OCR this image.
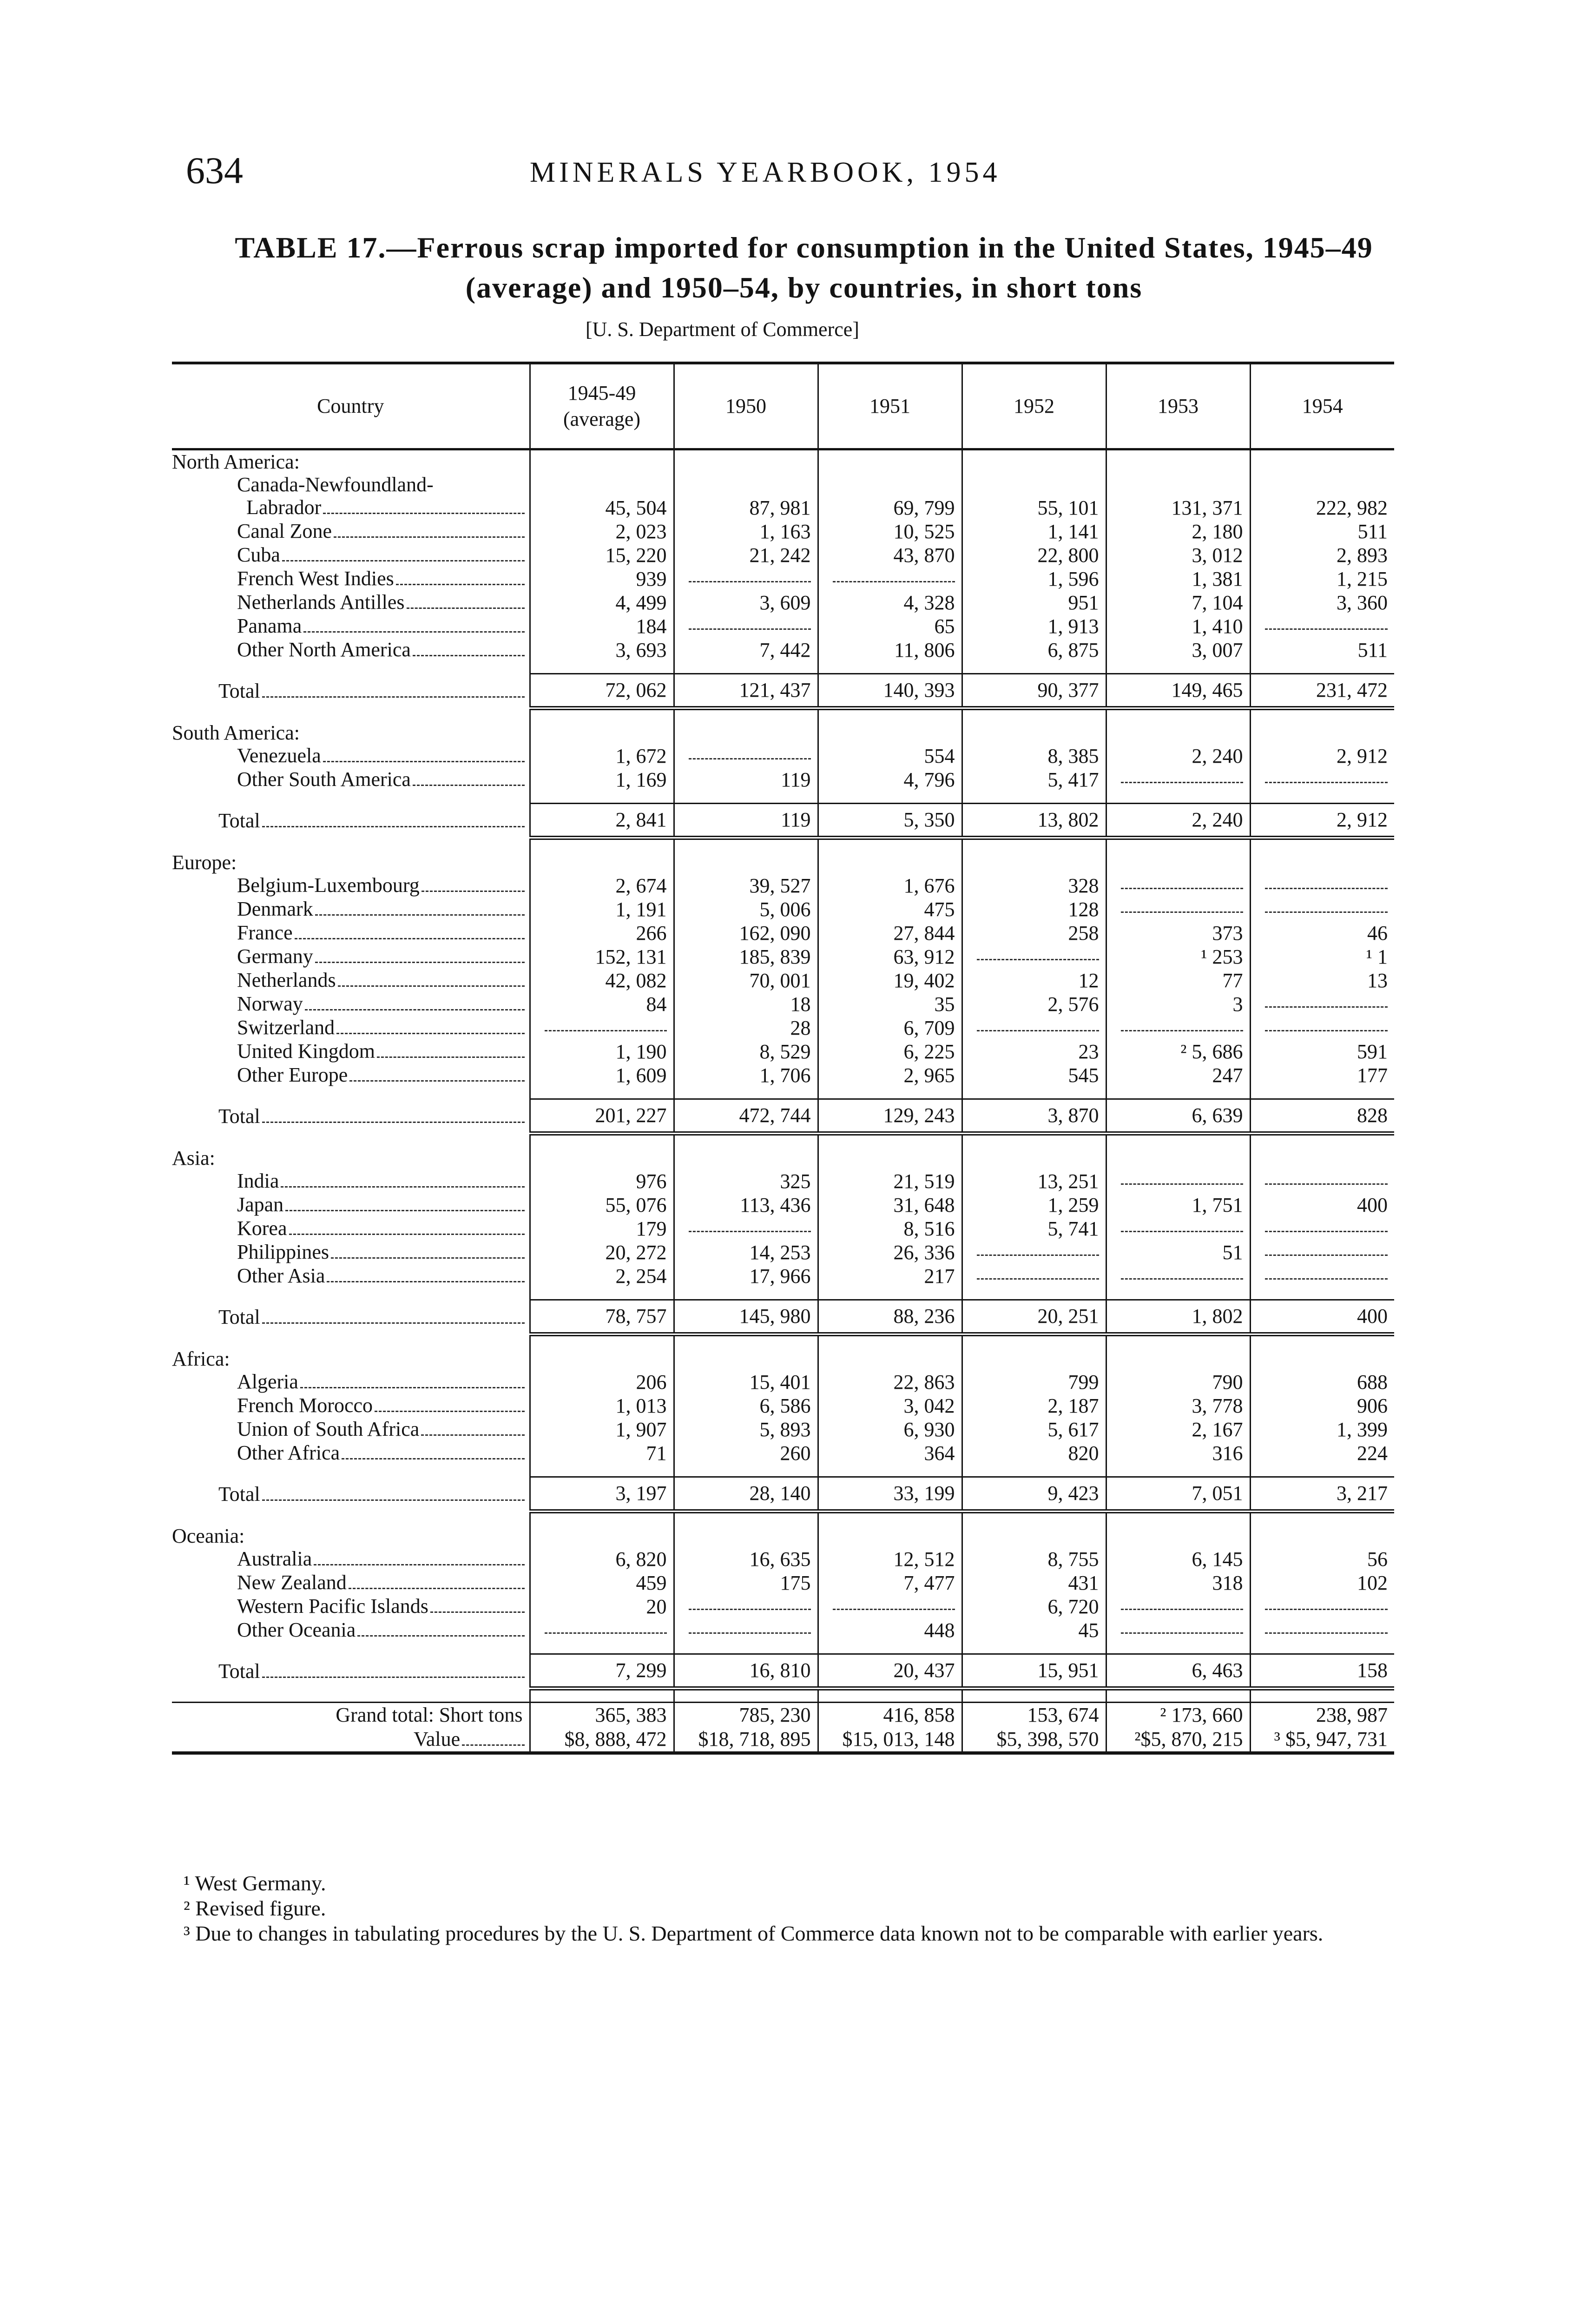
634	MINERALS YEARBOOK, 1954
TABLE 17.—Ferrous scrap imported for consumption in the United States, 1945–49 (average) and 1950–54, by countries, in short tons
[U. S. Department of Commerce]
Country	1945-49 (average)	1950	1951	1952	1953	1954
North America:						
Canada-Newfoundland-						

Labrador	45, 504	87, 981	69, 799	55, 101	131, 371	222, 982

Canal Zone	2, 023	1, 163	10, 525	1, 141	2, 180	511

Cuba	15, 220	21, 242	43, 870	22, 800	3, 012	2, 893

French West Indies	939			1, 596	1, 381	1, 215

Netherlands Antilles	4, 499	3, 609	4, 328	951	7, 104	3, 360

Panama	184		65	1, 913	1, 410	

Other North America	3, 693	7, 442	11, 806	6, 875	3, 007	511

Total	72, 062	121, 437	140, 393	90, 377	149, 465	231, 472

South America:						

Venezuela	1, 672		554	8, 385	2, 240	2, 912

Other South America	1, 169	119	4, 796	5, 417	

Total	2, 841	119	5, 350	13, 802	2, 240	2, 912

Europe:						

Belgium-Luxembourg	2, 674	39, 527	1, 676	328	

Denmark	1, 191	5, 006	475	128	

France	266	162, 090	27, 844	258	373	46

Germany	152, 131	185, 839	63, 912		¹ 253	¹ 1

Netherlands	42, 082	70, 001	19, 402	12	77	13

Norway	84	18	35	2, 576	3	

Switzerland		28	6, 709	

United Kingdom	1, 190	8, 529	6, 225	23	² 5, 686	591

Other Europe	1, 609	1, 706	2, 965	545	247	177

Total	201, 227	472, 744	129, 243	3, 870	6, 639	828

Asia:						

India	976	325	21, 519	13, 251	

Japan	55, 076	113, 436	31, 648	1, 259	1, 751	400

Korea	179		8, 516	5, 741	

Philippines	20, 272	14, 253	26, 336		51	

Other Asia	2, 254	17, 966	217	

Total	78, 757	145, 980	88, 236	20, 251	1, 802	400

Africa:						

Algeria	206	15, 401	22, 863	799	790	688

French Morocco	1, 013	6, 586	3, 042	2, 187	3, 778	906

Union of South Africa	1, 907	5, 893	6, 930	5, 617	2, 167	1, 399

Other Africa	71	260	364	820	316	224

Total	3, 197	28, 140	33, 199	9, 423	7, 051	3, 217

Oceania:						

Australia	6, 820	16, 635	12, 512	8, 755	6, 145	56

New Zealand	459	175	7, 477	431	318	102

Western Pacific Islands	20			6, 720	

Other Oceania			448	45	

Total	7, 299	16, 810	20, 437	15, 951	6, 463	158

Grand total: Short tons	365, 383	785, 230	416, 858	153, 674	² 173, 660	238, 987

Value	$8, 888, 472	$18, 718, 895	$15, 013, 148	$5, 398, 570	²$5, 870, 215	³ $5, 947, 731
¹ West Germany.
² Revised figure.
³ Due to changes in tabulating procedures by the U. S. Department of Commerce data known not to be comparable with earlier years.
